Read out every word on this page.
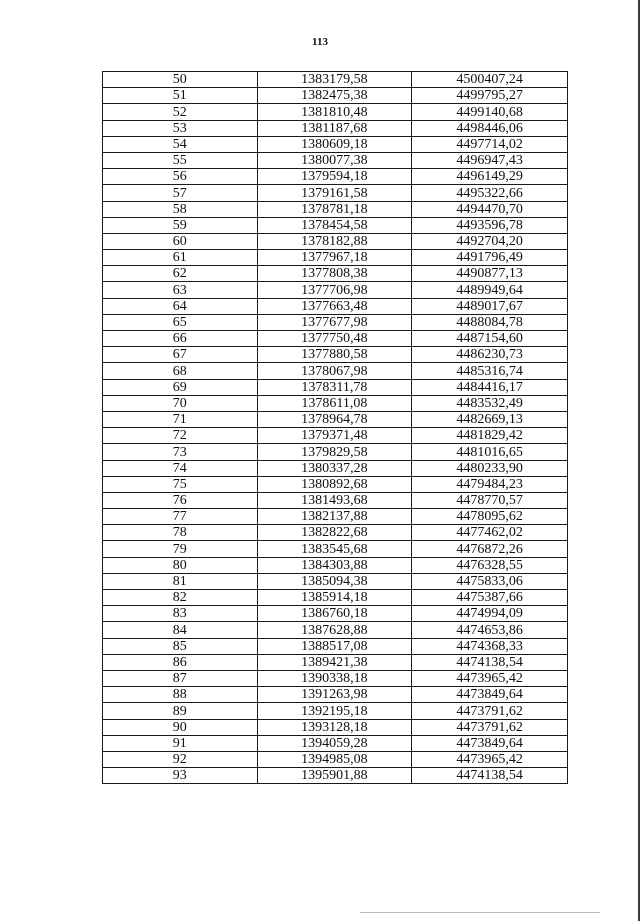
113
50	1383179,58	4500407,24
51	1382475,38	4499795,27
52	1381810,48	4499140,68
53	1381187,68	4498446,06
54	1380609,18	4497714,02
55	1380077,38	4496947,43
56	1379594,18	4496149,29
57	1379161,58	4495322,66
58	1378781,18	4494470,70
59	1378454,58	4493596,78
60	1378182,88	4492704,20
61	1377967,18	4491796,49
62	1377808,38	4490877,13
63	1377706,98	4489949,64
64	1377663,48	4489017,67
65	1377677,98	4488084,78
66	1377750,48	4487154,60
67	1377880,58	4486230,73
68	1378067,98	4485316,74
69	1378311,78	4484416,17
70	1378611,08	4483532,49
71	1378964,78	4482669,13
72	1379371,48	4481829,42
73	1379829,58	4481016,65
74	1380337,28	4480233,90
75	1380892,68	4479484,23
76	1381493,68	4478770,57
77	1382137,88	4478095,62
78	1382822,68	4477462,02
79	1383545,68	4476872,26
80	1384303,88	4476328,55
81	1385094,38	4475833,06
82	1385914,18	4475387,66
83	1386760,18	4474994,09
84	1387628,88	4474653,86
85	1388517,08	4474368,33
86	1389421,38	4474138,54
87	1390338,18	4473965,42
88	1391263,98	4473849,64
89	1392195,18	4473791,62
90	1393128,18	4473791,62
91	1394059,28	4473849,64
92	1394985,08	4473965,42
93	1395901,88	4474138,54
